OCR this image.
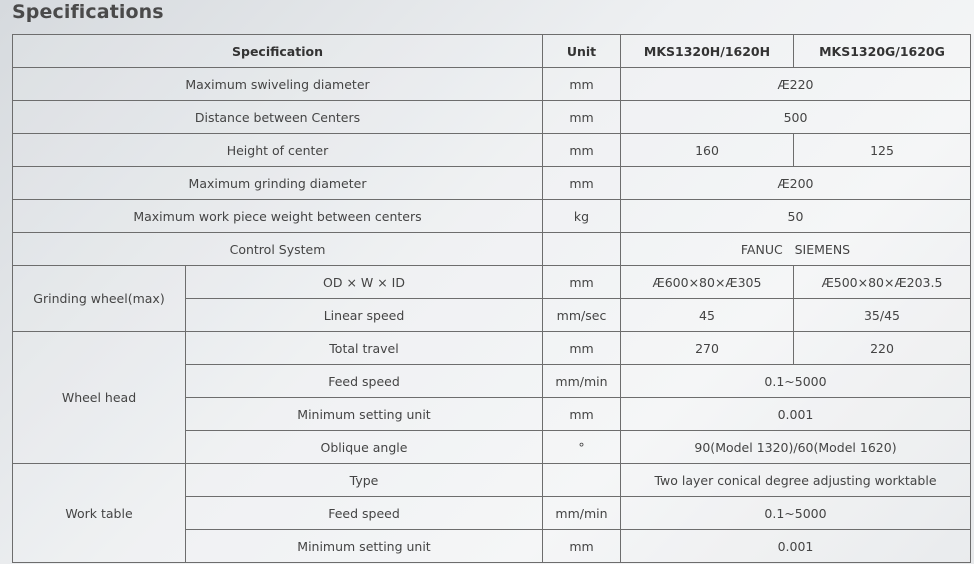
Specifications
Specification		Unit	MKS1320H/1620H	MKS1320G/1620G
Maximum swiveling diameter		mm	Æ220	
Distance between Centers		mm	500	
Height of center		mm	160	125
Maximum grinding diameter		mm	Æ200	
Maximum work piece weight between centers		kg	50	
Control System			FANUC   SIEMENS	
Grinding wheel(max)	OD × W × ID	mm	Æ600×80×Æ305	Æ500×80×Æ203.5
	Linear speed	mm/sec	45	35/45
Wheel head	Total travel	mm	270	220
	Feed speed	mm/min	0.1~5000	
	Minimum setting unit	mm	0.001	
	Oblique angle	°	90(Model 1320)/60(Model 1620)	
Work table	Type		Two layer conical degree adjusting worktable	
	Feed speed	mm/min	0.1~5000	
	Minimum setting unit	mm	0.001	
